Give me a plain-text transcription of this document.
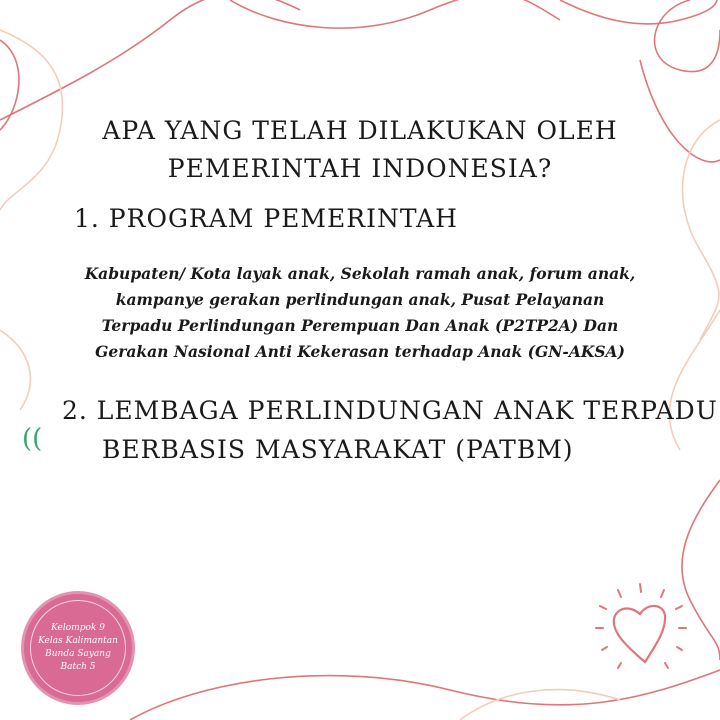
APA YANG TELAH DILAKUKAN OLEH
PEMERINTAH INDONESIA?
1. PROGRAM PEMERINTAH
Kabupaten/ Kota layak anak, Sekolah ramah anak, forum anak,
kampanye gerakan perlindungan anak, Pusat Pelayanan
Terpadu Perlindungan Perempuan Dan Anak (P2TP2A) Dan
Gerakan Nasional Anti Kekerasan terhadap Anak (GN-AKSA)
2. LEMBAGA PERLINDUNGAN ANAK TERPADU
BERBASIS MASYARAKAT (PATBM)
((
Kelompok 9
Kelas Kalimantan
Bunda Sayang
Batch 5
